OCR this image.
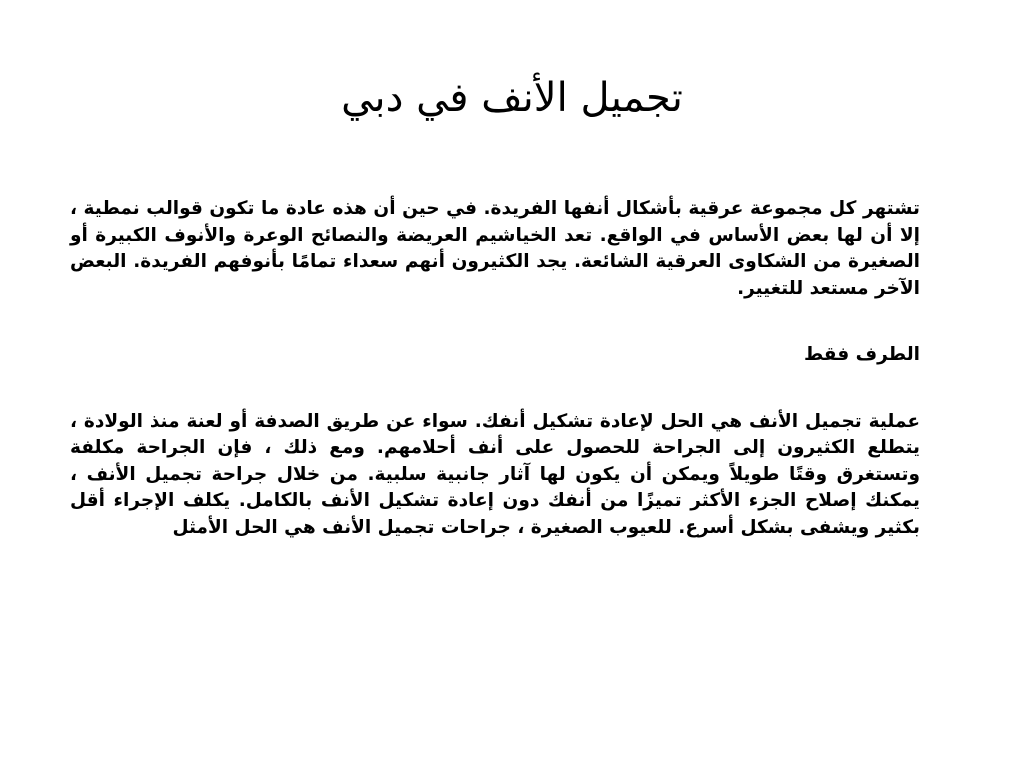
تجميل الأنف في دبي

تشتهر كل مجموعة عرقية بأشكال أنفها الفريدة. في حين أن هذه عادة ما تكون قوالب نمطية ، إلا أن لها بعض الأساس في الواقع. تعد الخياشيم العريضة والنصائح الوعرة والأنوف الكبيرة أو الصغيرة من الشكاوى العرقية الشائعة. يجد الكثيرون أنهم سعداء تمامًا بأنوفهم الفريدة. البعض الآخر مستعد للتغيير.

الطرف فقط

عملية تجميل الأنف هي الحل لإعادة تشكيل أنفك. سواء عن طريق الصدفة أو لعنة منذ الولادة ، يتطلع الكثيرون إلى الجراحة للحصول على أنف أحلامهم. ومع ذلك ، فإن الجراحة مكلفة وتستغرق وقتًا طويلاً ويمكن أن يكون لها آثار جانبية سلبية. من خلال جراحة تجميل الأنف ، يمكنك إصلاح الجزء الأكثر تميزًا من أنفك دون إعادة تشكيل الأنف بالكامل. يكلف الإجراء أقل بكثير ويشفى بشكل أسرع. للعيوب الصغيرة ، جراحات تجميل الأنف هي الحل الأمثل
